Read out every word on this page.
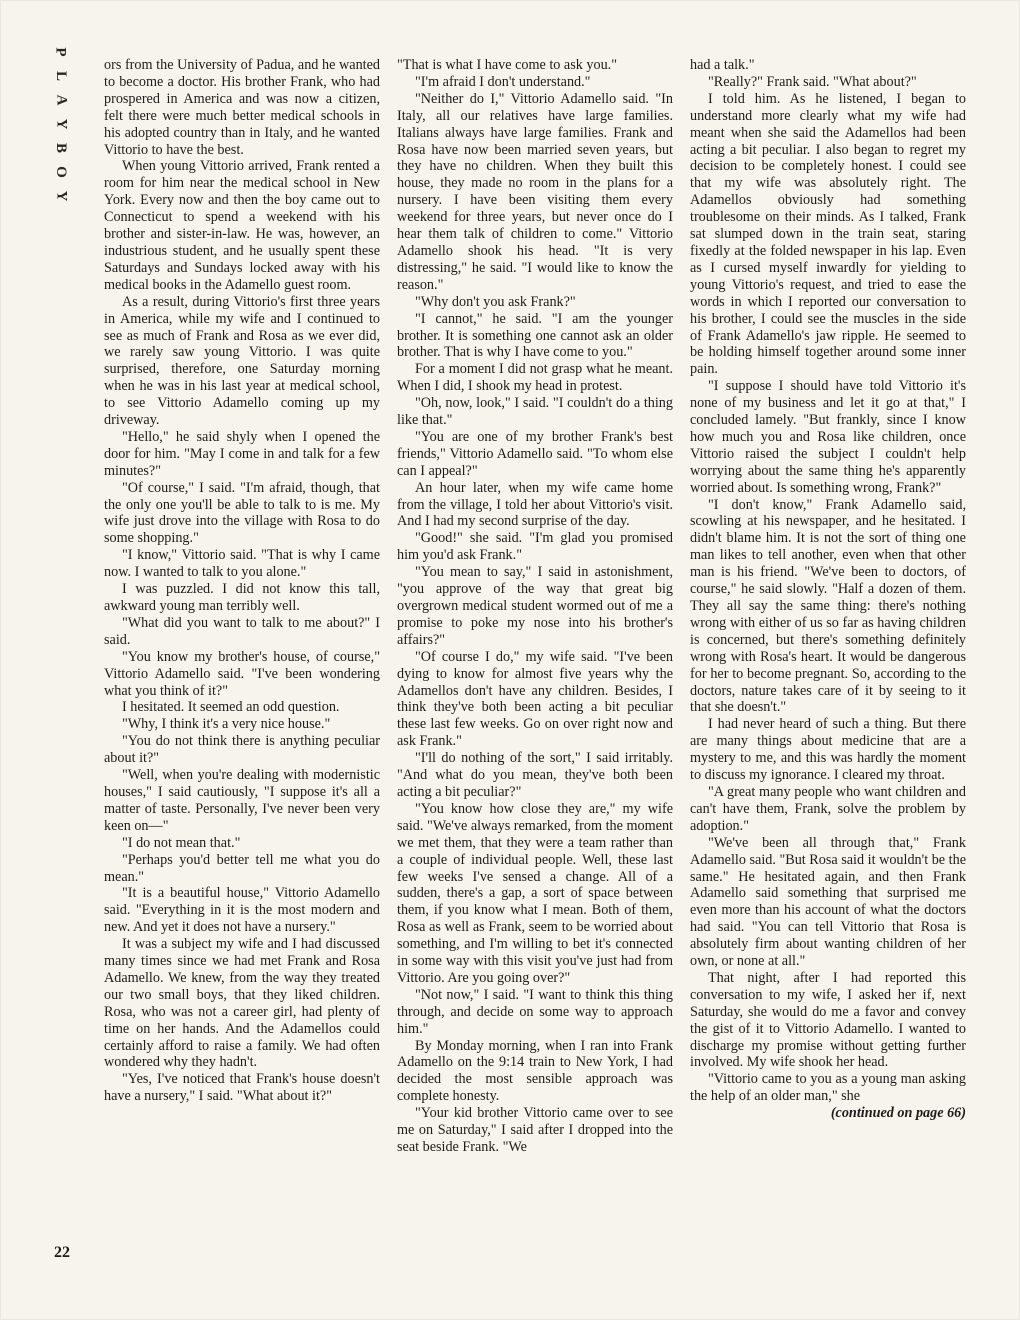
P
L
A
Y
B
O
Y
22

ors from the University of Padua, and he wanted to become a doctor. His brother Frank, who had prospered in America and was now a citizen, felt there were much better medical schools in his adopted country than in Italy, and he wanted Vittorio to have the best.

When young Vittorio arrived, Frank rented a room for him near the medical school in New York. Every now and then the boy came out to Connecticut to spend a weekend with his brother and sister-in-law. He was, however, an industrious student, and he usually spent these Saturdays and Sundays locked away with his medical books in the Adamello guest room.

As a result, during Vittorio's first three years in America, while my wife and I continued to see as much of Frank and Rosa as we ever did, we rarely saw young Vittorio. I was quite surprised, therefore, one Saturday morning when he was in his last year at medical school, to see Vittorio Adamello coming up my driveway.

"Hello," he said shyly when I opened the door for him. "May I come in and talk for a few minutes?"

"Of course," I said. "I'm afraid, though, that the only one you'll be able to talk to is me. My wife just drove into the village with Rosa to do some shopping."

"I know," Vittorio said. "That is why I came now. I wanted to talk to you alone."

I was puzzled. I did not know this tall, awkward young man terribly well.

"What did you want to talk to me about?" I said.

"You know my brother's house, of course," Vittorio Adamello said. "I've been wondering what you think of it?"

I hesitated. It seemed an odd question.

"Why, I think it's a very nice house."

"You do not think there is anything peculiar about it?"

"Well, when you're dealing with modernistic houses," I said cautiously, "I suppose it's all a matter of taste. Personally, I've never been very keen on—"

"I do not mean that."

"Perhaps you'd better tell me what you do mean."

"It is a beautiful house," Vittorio Adamello said. "Everything in it is the most modern and new. And yet it does not have a nursery."

It was a subject my wife and I had discussed many times since we had met Frank and Rosa Adamello. We knew, from the way they treated our two small boys, that they liked children. Rosa, who was not a career girl, had plenty of time on her hands. And the Adamellos could certainly afford to raise a family. We had often wondered why they hadn't.

"Yes, I've noticed that Frank's house doesn't have a nursery," I said. "What about it?"

"That is what I have come to ask you."

"I'm afraid I don't understand."

"Neither do I," Vittorio Adamello said. "In Italy, all our relatives have large families. Italians always have large families. Frank and Rosa have now been married seven years, but they have no children. When they built this house, they made no room in the plans for a nursery. I have been visiting them every weekend for three years, but never once do I hear them talk of children to come." Vittorio Adamello shook his head. "It is very distressing," he said. "I would like to know the reason."

"Why don't you ask Frank?"

"I cannot," he said. "I am the younger brother. It is something one cannot ask an older brother. That is why I have come to you."

For a moment I did not grasp what he meant. When I did, I shook my head in protest.

"Oh, now, look," I said. "I couldn't do a thing like that."

"You are one of my brother Frank's best friends," Vittorio Adamello said. "To whom else can I appeal?"

An hour later, when my wife came home from the village, I told her about Vittorio's visit. And I had my second surprise of the day.

"Good!" she said. "I'm glad you promised him you'd ask Frank."

"You mean to say," I said in astonishment, "you approve of the way that great big overgrown medical student wormed out of me a promise to poke my nose into his brother's affairs?"

"Of course I do," my wife said. "I've been dying to know for almost five years why the Adamellos don't have any children. Besides, I think they've both been acting a bit peculiar these last few weeks. Go on over right now and ask Frank."

"I'll do nothing of the sort," I said irritably. "And what do you mean, they've both been acting a bit peculiar?"

"You know how close they are," my wife said. "We've always remarked, from the moment we met them, that they were a team rather than a couple of individual people. Well, these last few weeks I've sensed a change. All of a sudden, there's a gap, a sort of space between them, if you know what I mean. Both of them, Rosa as well as Frank, seem to be worried about something, and I'm willing to bet it's connected in some way with this visit you've just had from Vittorio. Are you going over?"

"Not now," I said. "I want to think this thing through, and decide on some way to approach him."

By Monday morning, when I ran into Frank Adamello on the 9:14 train to New York, I had decided the most sensible approach was complete honesty.

"Your kid brother Vittorio came over to see me on Saturday," I said after I dropped into the seat beside Frank. "We

had a talk."

"Really?" Frank said. "What about?"

I told him. As he listened, I began to understand more clearly what my wife had meant when she said the Adamellos had been acting a bit peculiar. I also began to regret my decision to be completely honest. I could see that my wife was absolutely right. The Adamellos obviously had something troublesome on their minds. As I talked, Frank sat slumped down in the train seat, staring fixedly at the folded newspaper in his lap. Even as I cursed myself inwardly for yielding to young Vittorio's request, and tried to ease the words in which I reported our conversation to his brother, I could see the muscles in the side of Frank Adamello's jaw ripple. He seemed to be holding himself together around some inner pain.

"I suppose I should have told Vittorio it's none of my business and let it go at that," I concluded lamely. "But frankly, since I know how much you and Rosa like children, once Vittorio raised the subject I couldn't help worrying about the same thing he's apparently worried about. Is something wrong, Frank?"

"I don't know," Frank Adamello said, scowling at his newspaper, and he hesitated. I didn't blame him. It is not the sort of thing one man likes to tell another, even when that other man is his friend. "We've been to doctors, of course," he said slowly. "Half a dozen of them. They all say the same thing: there's nothing wrong with either of us so far as having children is concerned, but there's something definitely wrong with Rosa's heart. It would be dangerous for her to become pregnant. So, according to the doctors, nature takes care of it by seeing to it that she doesn't."

I had never heard of such a thing. But there are many things about medicine that are a mystery to me, and this was hardly the moment to discuss my ignorance. I cleared my throat.

"A great many people who want children and can't have them, Frank, solve the problem by adoption."

"We've been all through that," Frank Adamello said. "But Rosa said it wouldn't be the same." He hesitated again, and then Frank Adamello said something that surprised me even more than his account of what the doctors had said. "You can tell Vittorio that Rosa is absolutely firm about wanting children of her own, or none at all."

That night, after I had reported this conversation to my wife, I asked her if, next Saturday, she would do me a favor and convey the gist of it to Vittorio Adamello. I wanted to discharge my promise without getting further involved. My wife shook her head.

"Vittorio came to you as a young man asking the help of an older man," she

(continued on page 66)
